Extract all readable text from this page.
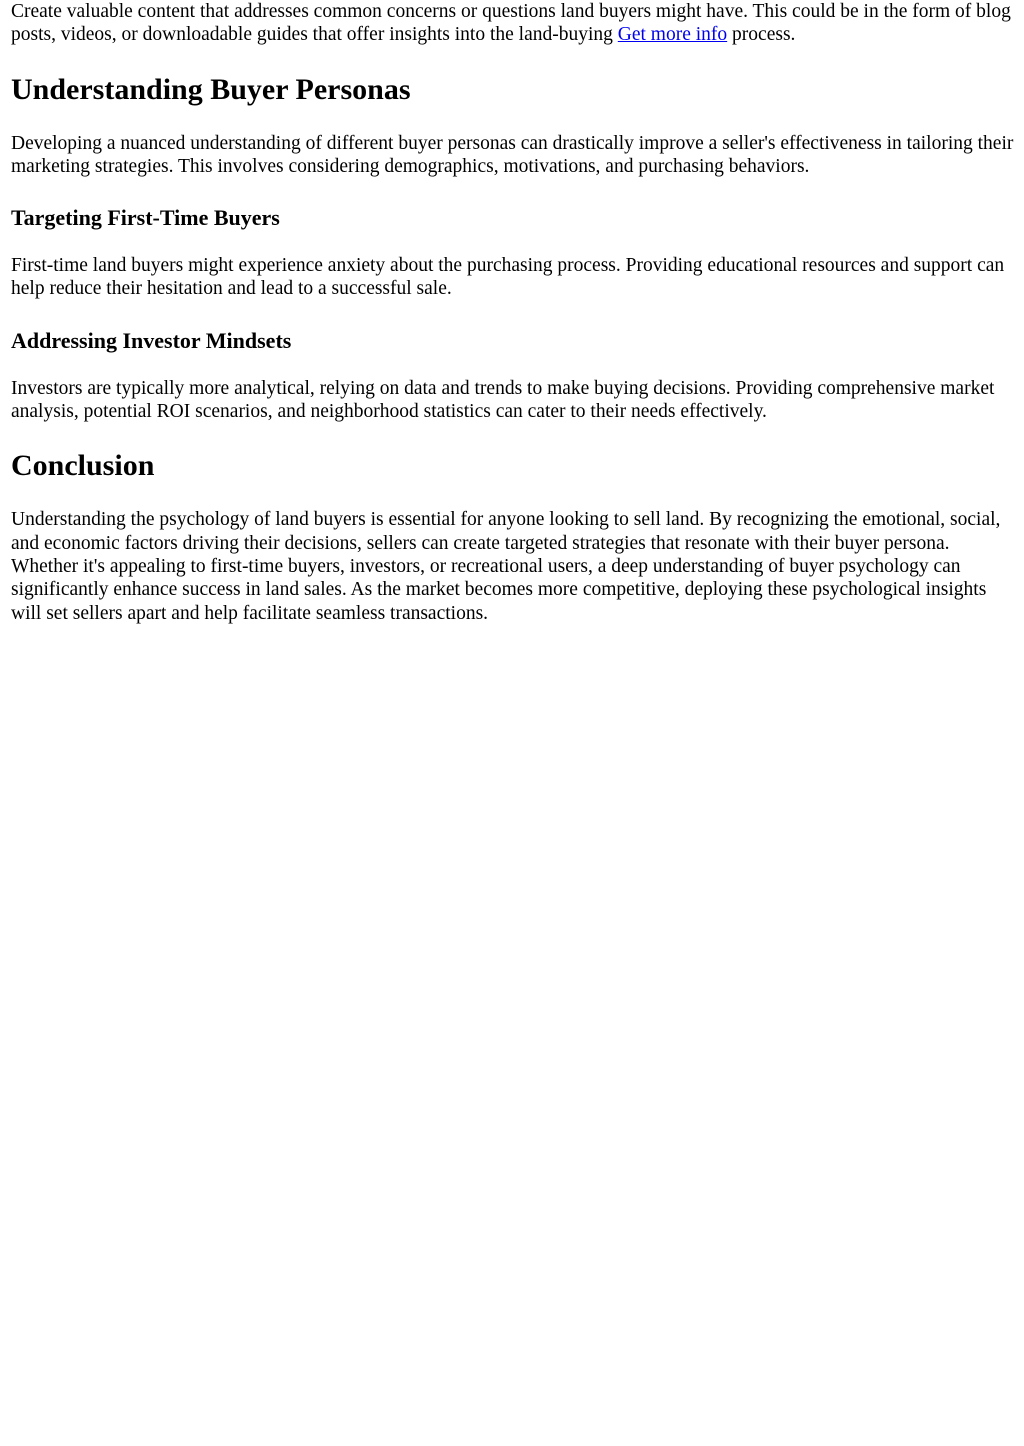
Create valuable content that addresses common concerns or questions land buyers might have. This could be in the form of blog posts, videos, or downloadable guides that offer insights into the land-buying Get more info process.

Understanding Buyer Personas

Developing a nuanced understanding of different buyer personas can drastically improve a seller's effectiveness in tailoring their marketing strategies. This involves considering demographics, motivations, and purchasing behaviors.

Targeting First-Time Buyers

First-time land buyers might experience anxiety about the purchasing process. Providing educational resources and support can help reduce their hesitation and lead to a successful sale.

Addressing Investor Mindsets

Investors are typically more analytical, relying on data and trends to make buying decisions. Providing comprehensive market analysis, potential ROI scenarios, and neighborhood statistics can cater to their needs effectively.

Conclusion

Understanding the psychology of land buyers is essential for anyone looking to sell land. By recognizing the emotional, social, and economic factors driving their decisions, sellers can create targeted strategies that resonate with their buyer persona. Whether it's appealing to first-time buyers, investors, or recreational users, a deep understanding of buyer psychology can significantly enhance success in land sales. As the market becomes more competitive, deploying these psychological insights will set sellers apart and help facilitate seamless transactions.
